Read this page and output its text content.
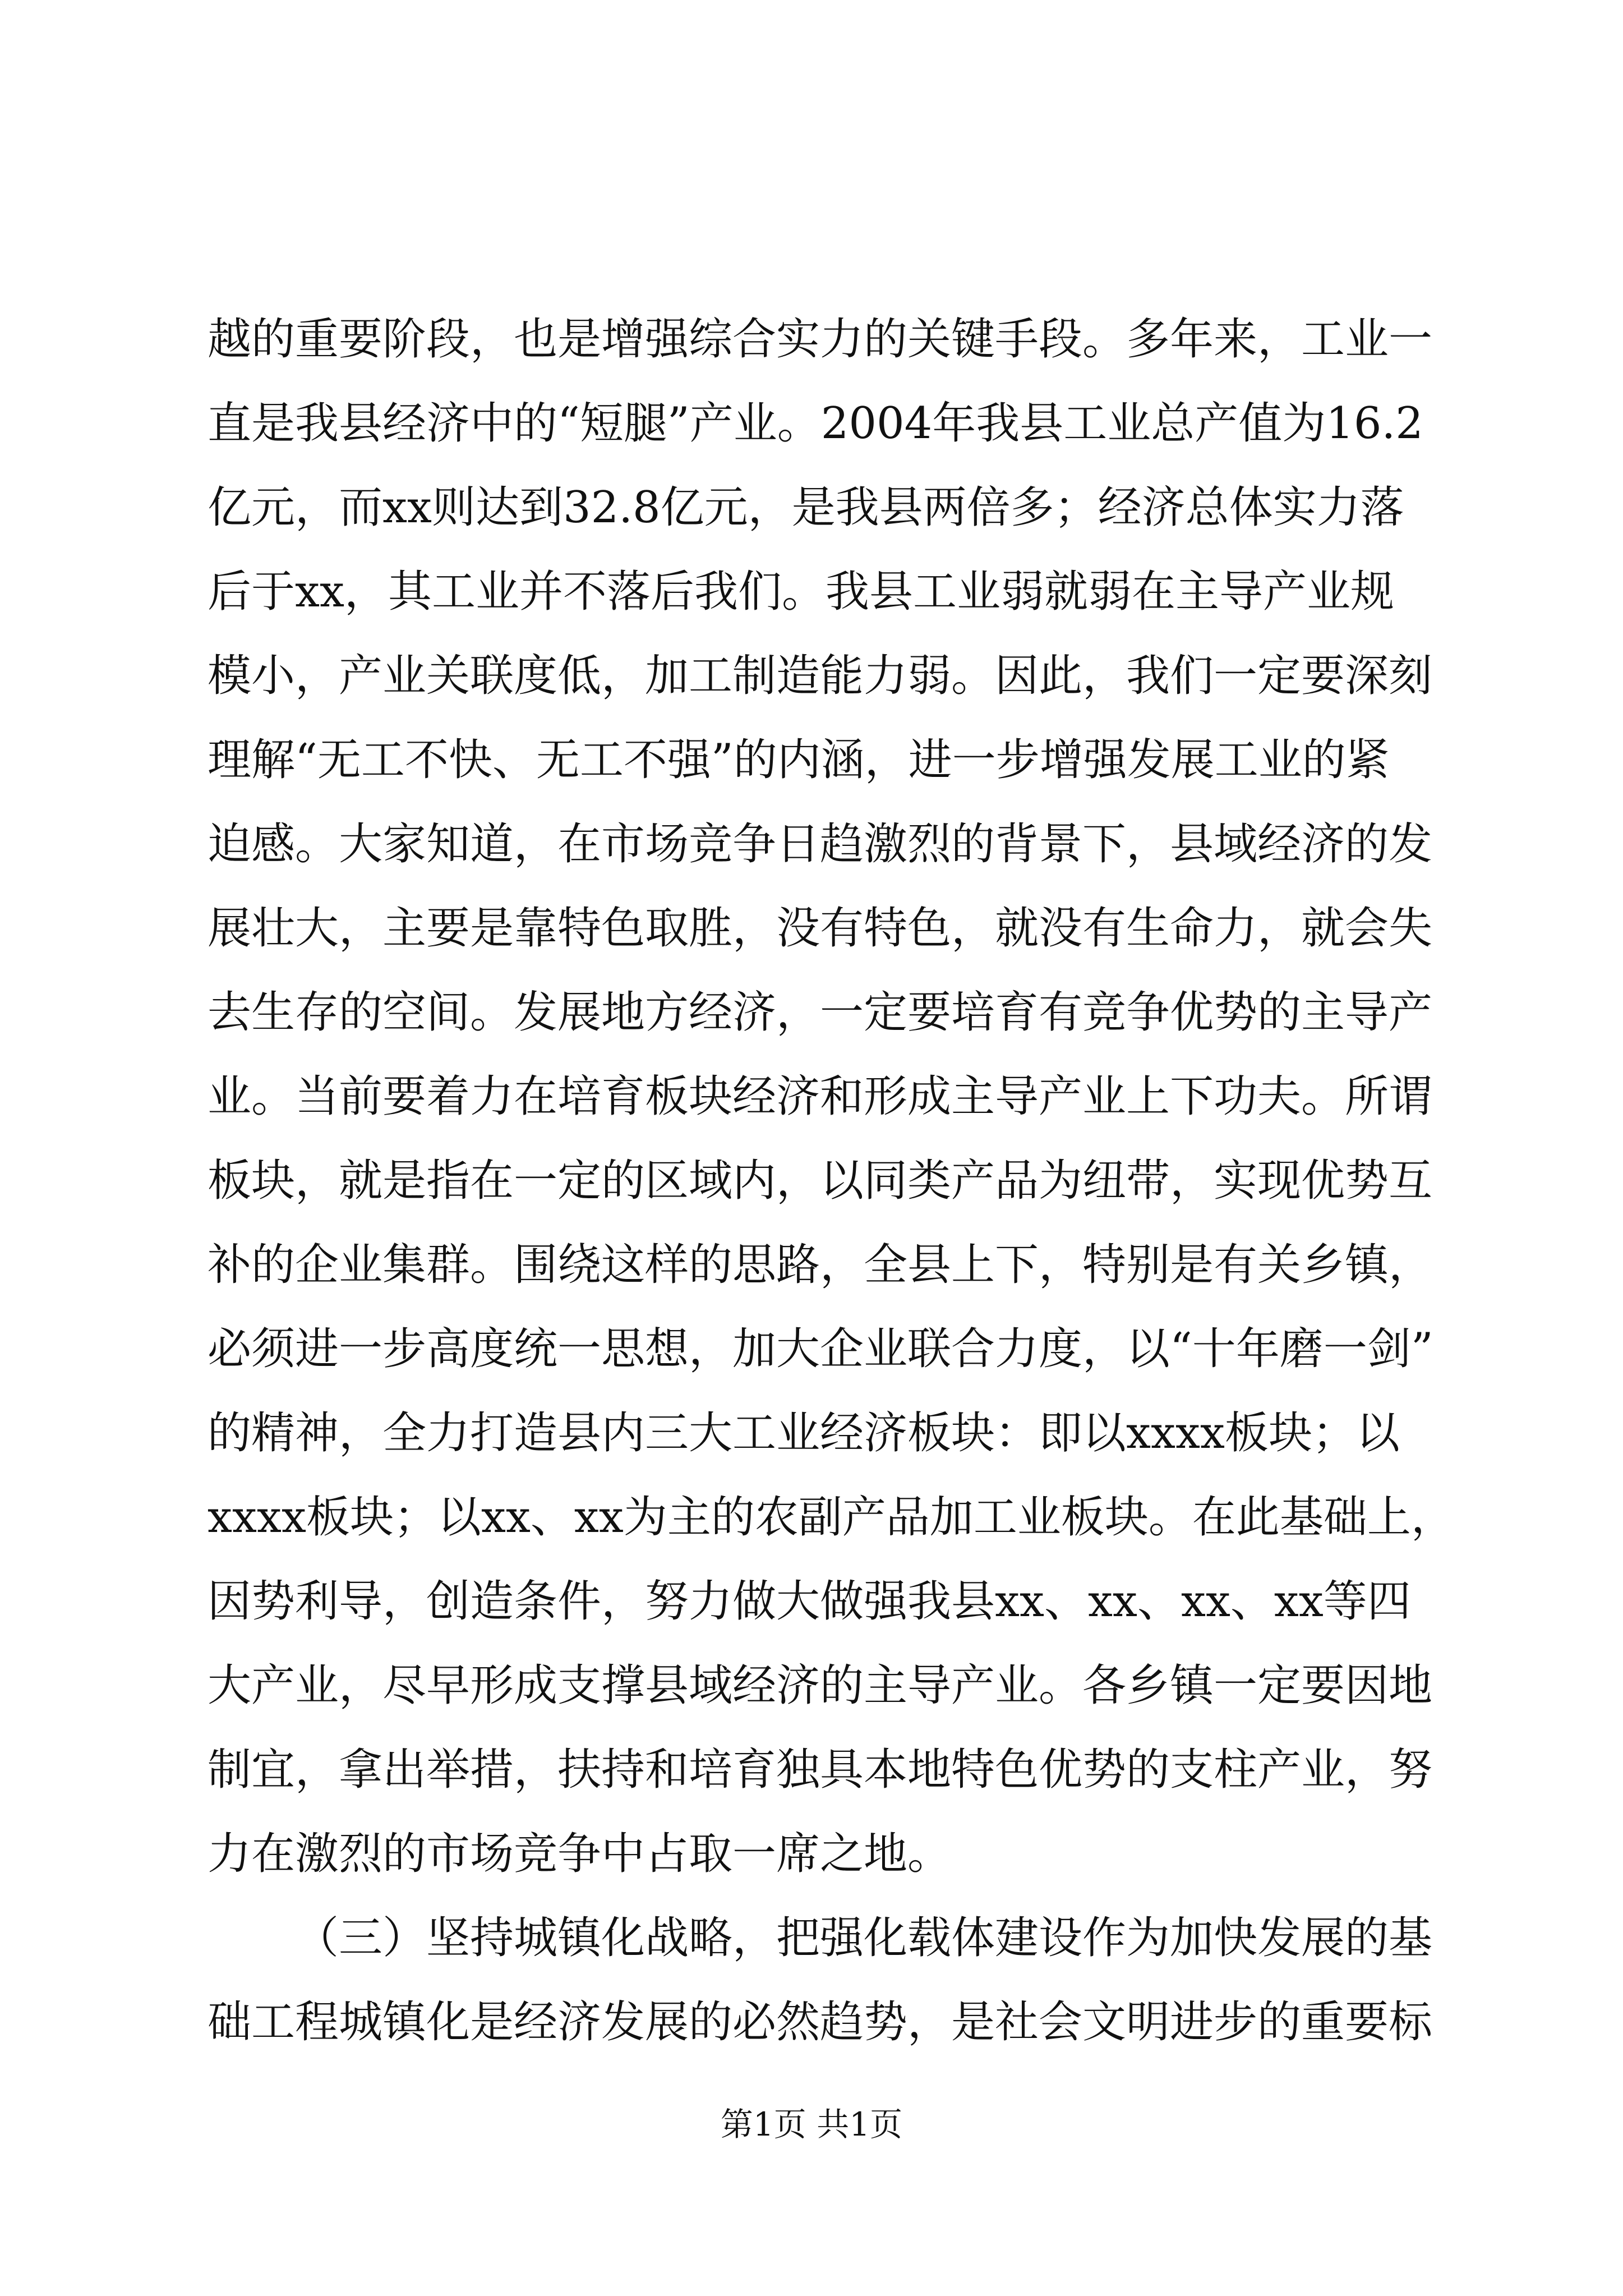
越的重要阶段，也是增强综合实力的关键手段。多年来，工业一
直是我县经济中的“短腿”产业。2004年我县工业总产值为16.2
亿元，而xx则达到32.8亿元，是我县两倍多；经济总体实力落
后于xx，其工业并不落后我们。我县工业弱就弱在主导产业规
模小，产业关联度低，加工制造能力弱。因此，我们一定要深刻
理解“无工不快、无工不强”的内涵，进一步增强发展工业的紧
迫感。大家知道，在市场竞争日趋激烈的背景下，县域经济的发
展壮大，主要是靠特色取胜，没有特色，就没有生命力，就会失
去生存的空间。发展地方经济，一定要培育有竞争优势的主导产
业。当前要着力在培育板块经济和形成主导产业上下功夫。所谓
板块，就是指在一定的区域内，以同类产品为纽带，实现优势互
补的企业集群。围绕这样的思路，全县上下，特别是有关乡镇，
必须进一步高度统一思想，加大企业联合力度，以“十年磨一剑”
的精神，全力打造县内三大工业经济板块：即以xxxx板块；以
xxxx板块；以xx、xx为主的农副产品加工业板块。在此基础上，
因势利导，创造条件，努力做大做强我县xx、xx、xx、xx等四
大产业，尽早形成支撑县域经济的主导产业。各乡镇一定要因地
制宜，拿出举措，扶持和培育独具本地特色优势的支柱产业，努
力在激烈的市场竞争中占取一席之地。
（三）坚持城镇化战略，把强化载体建设作为加快发展的基
础工程城镇化是经济发展的必然趋势，是社会文明进步的重要标
第1页 共1页
